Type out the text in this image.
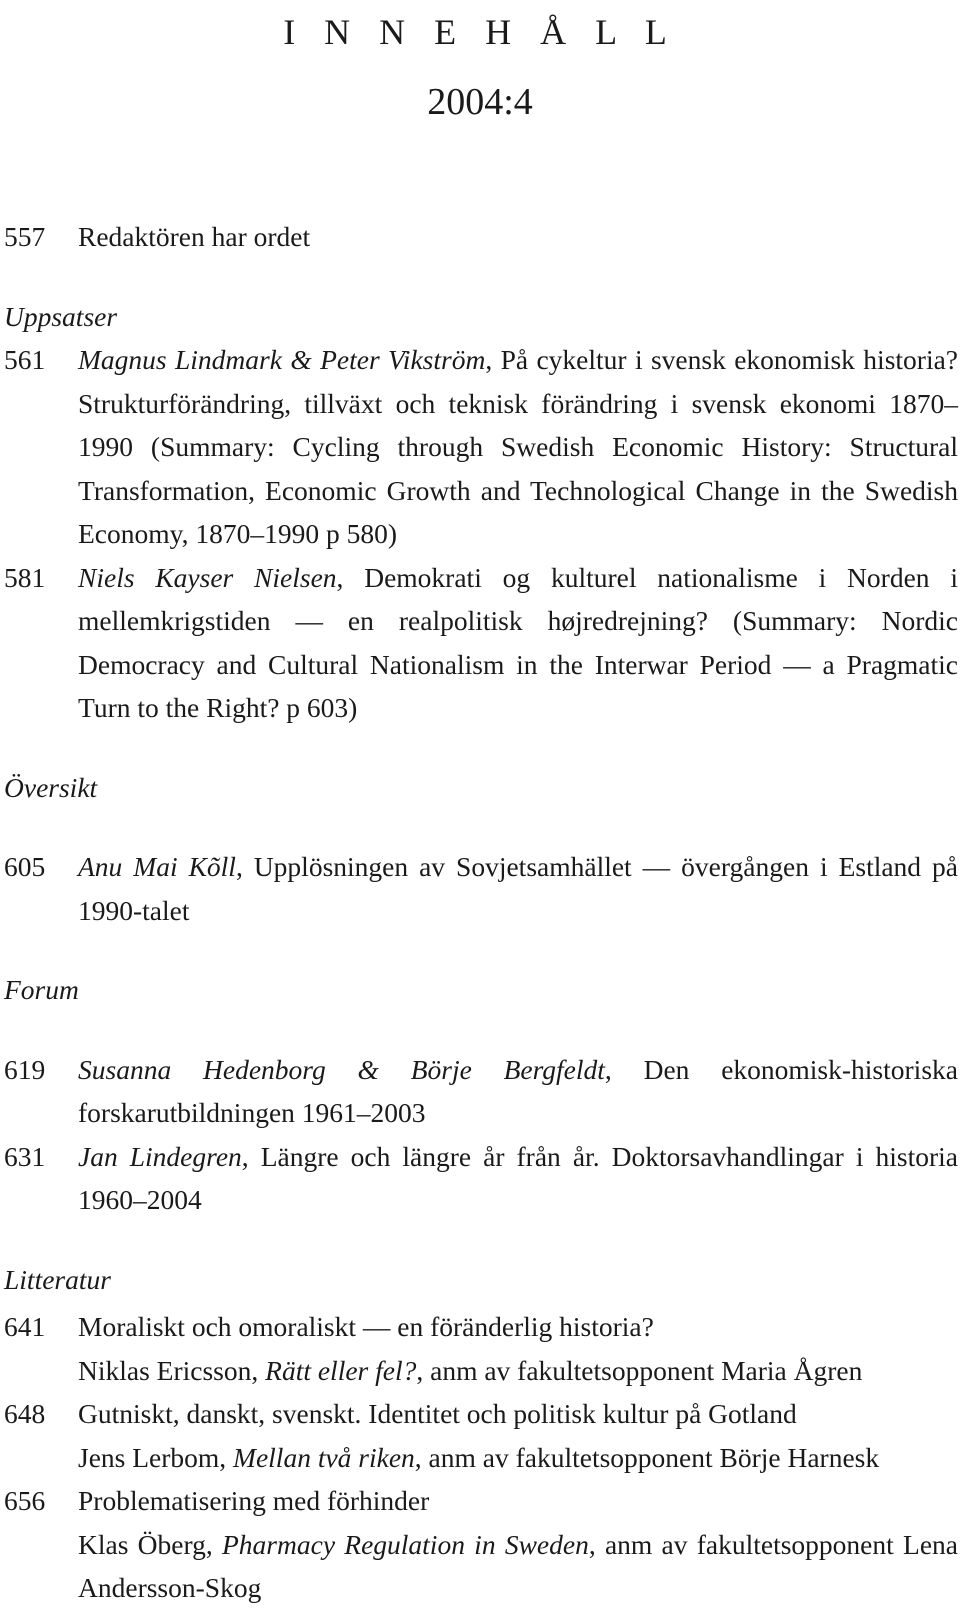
I N N E H Å L L
2004:4
557	Redaktören har ordet
Uppsatser
561	Magnus Lindmark & Peter Vikström, På cykeltur i svensk ekonomisk historia? Strukturförändring, tillväxt och teknisk förändring i svensk ekonomi 1870–1990 (Summary: Cycling through Swedish Economic History: Structural Transformation, Economic Growth and Technological Change in the Swedish Economy, 1870–1990 p 580)

581	Niels Kayser Nielsen, Demokrati og kulturel nationalisme i Norden i mellemkrigstiden — en realpolitisk højredrejning? (Summary: Nordic Democracy and Cultural Nationalism in the Interwar Period — a Pragmatic Turn to the Right? p 603)

Översikt
605	Anu Mai Kõll, Upplösningen av Sovjetsamhället — övergången i Estland på 1990-talet

Forum
619	Susanna Hedenborg & Börje Bergfeldt, Den ekonomisk-historiska forskarutbildningen 1961–2003

631	Jan Lindegren, Längre och längre år från år. Doktorsavhandlingar i historia 1960–2004

Litteratur
641	Moraliskt och omoraliskt — en föränderlig historia?

Niklas Ericsson, Rätt eller fel?, anm av fakultetsopponent Maria Ågren

648	Gutniskt, danskt, svenskt. Identitet och politisk kultur på Gotland

Jens Lerbom, Mellan två riken, anm av fakultetsopponent Börje Harnesk

656	Problematisering med förhinder

Klas Öberg, Pharmacy Regulation in Sweden, anm av fakultetsopponent Lena Andersson-Skog
